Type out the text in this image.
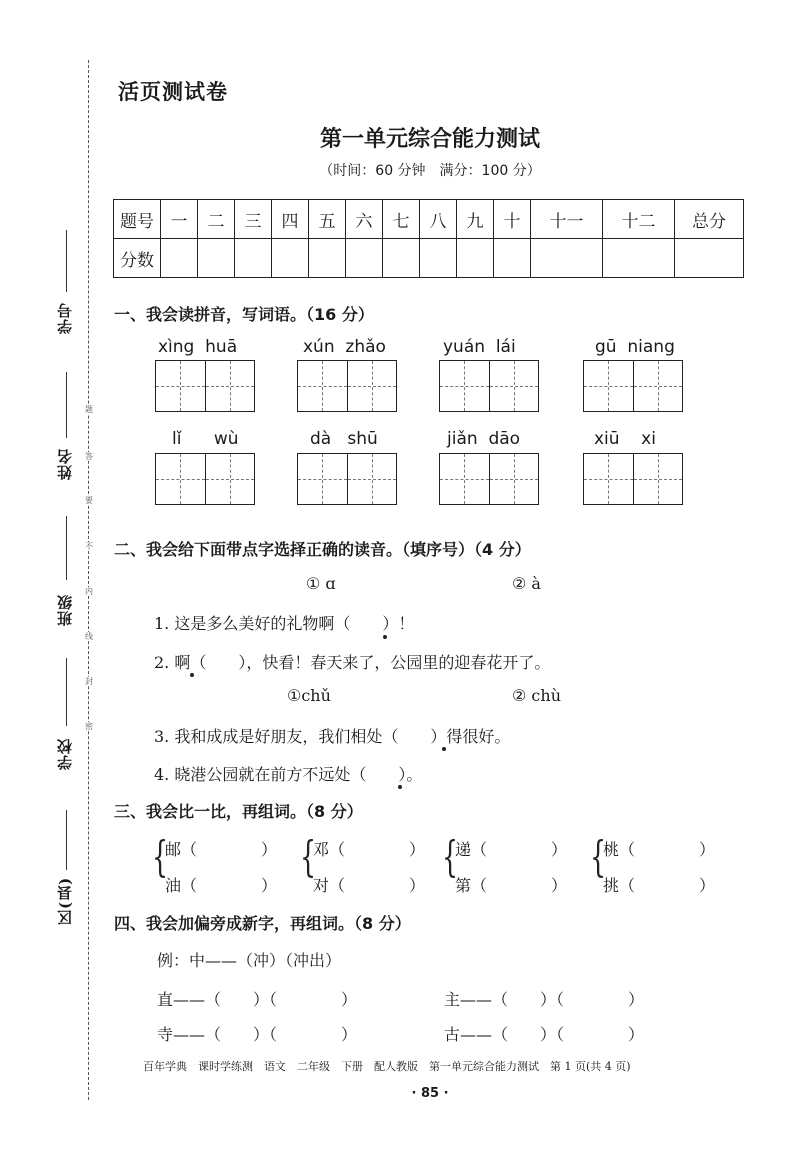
题
答
要
不
内
线
封
密
学号
姓名
班级
学校
区(县)
活页测试卷
第一单元综合能力测试
（时间：60 分钟　满分：100 分）
题号	一	二	三	四	五	六	七	八	九	十	十一	十二	总分
分数													
一、我会读拼音，写词语。（16 分）
xìng  huā	xún  zhǎo	yuán  lái	gū  niang
lǐ      wù	dà   shū	jiǎn  dāo	xiū    xi
二、我会给下面带点字选择正确的读音。（填序号）（4 分）
① ɑ	② à
1. 这是多么美好的礼物啊（　　）！
2. 啊（　　），快看！春天来了，公园里的迎春花开了。
①chǔ	② chù
3. 我和成成是好朋友，我们相处（　　）得很好。
4. 晓港公园就在前方不远处（　　）。
三、我会比一比，再组词。（8 分）
{
邮（　　　　）
油（　　　　）
{
邓（　　　　）
对（　　　　）
{
递（　　　　）
第（　　　　）
{
桃（　　　　）
挑（　　　　）
四、我会加偏旁成新字，再组词。（8 分）
例：中——（冲）（冲出）
直——（　　）（　　　　）	主——（　　）（　　　　）
寺——（　　）（　　　　）	古——（　　）（　　　　）
百年学典　课时学练测　语文　二年级　下册　配人教版　第一单元综合能力测试　第 1 页(共 4 页)
· 85 ·
